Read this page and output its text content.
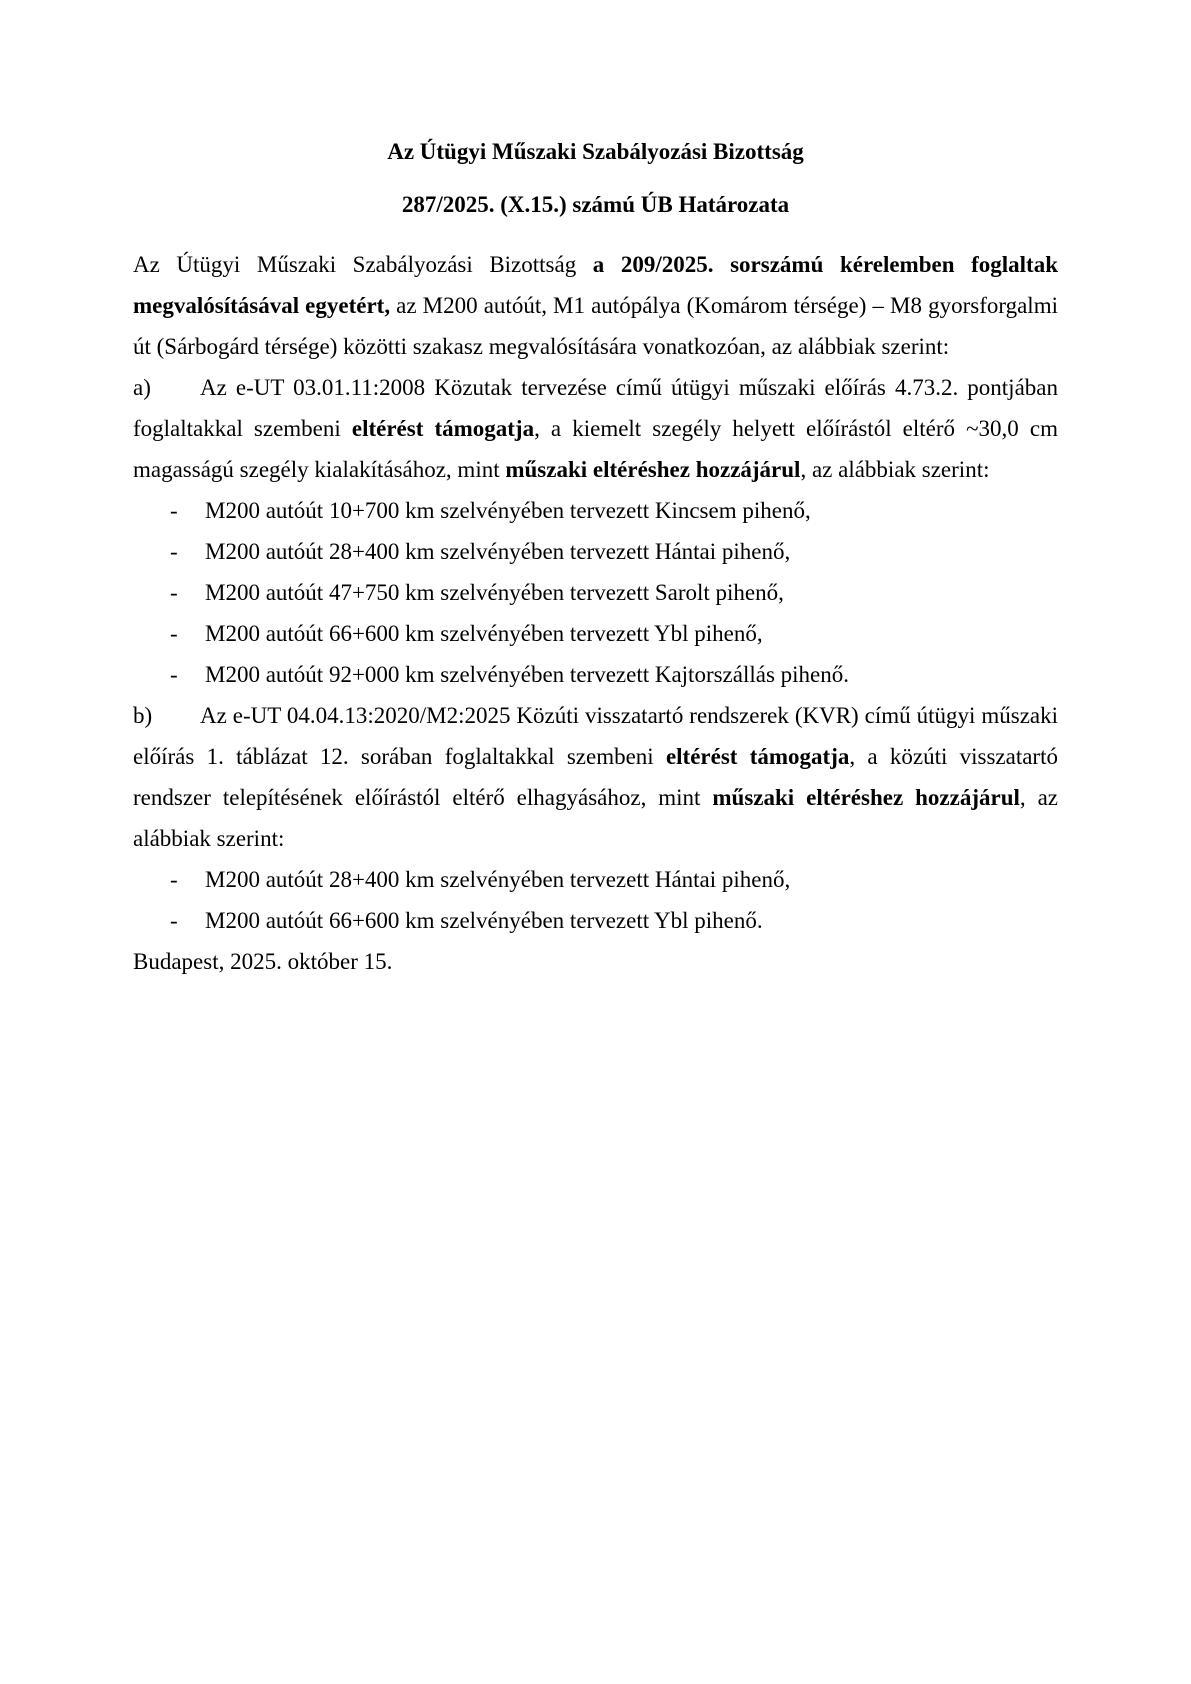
Az Útügyi Műszaki Szabályozási Bizottság

287/2025. (X.15.) számú ÚB Határozata

Az Útügyi Műszaki Szabályozási Bizottság a 209/2025. sorszámú kérelemben foglaltak megvalósításával egyetért, az M200 autóút, M1 autópálya (Komárom térsége) – M8 gyorsforgalmi út (Sárbogárd térsége) közötti szakasz megvalósítására vonatkozóan, az alábbiak szerint:

a) Az e-UT 03.01.11:2008 Közutak tervezése című útügyi műszaki előírás 4.73.2. pontjában foglaltakkal szembeni eltérést támogatja, a kiemelt szegély helyett előírástól eltérő ~30,0 cm magasságú szegély kialakításához, mint műszaki eltéréshez hozzájárul, az alábbiak szerint:

- M200 autóút 10+700 km szelvényében tervezett Kincsem pihenő,
- M200 autóút 28+400 km szelvényében tervezett Hántai pihenő,
- M200 autóút 47+750 km szelvényében tervezett Sarolt pihenő,
- M200 autóút 66+600 km szelvényében tervezett Ybl pihenő,
- M200 autóút 92+000 km szelvényében tervezett Kajtorszállás pihenő.

b) Az e-UT 04.04.13:2020/M2:2025 Közúti visszatartó rendszerek (KVR) című útügyi műszaki előírás 1. táblázat 12. sorában foglaltakkal szembeni eltérést támogatja, a közúti visszatartó rendszer telepítésének előírástól eltérő elhagyásához, mint műszaki eltéréshez hozzájárul, az alábbiak szerint:

- M200 autóút 28+400 km szelvényében tervezett Hántai pihenő,
- M200 autóút 66+600 km szelvényében tervezett Ybl pihenő.

Budapest, 2025. október 15.
